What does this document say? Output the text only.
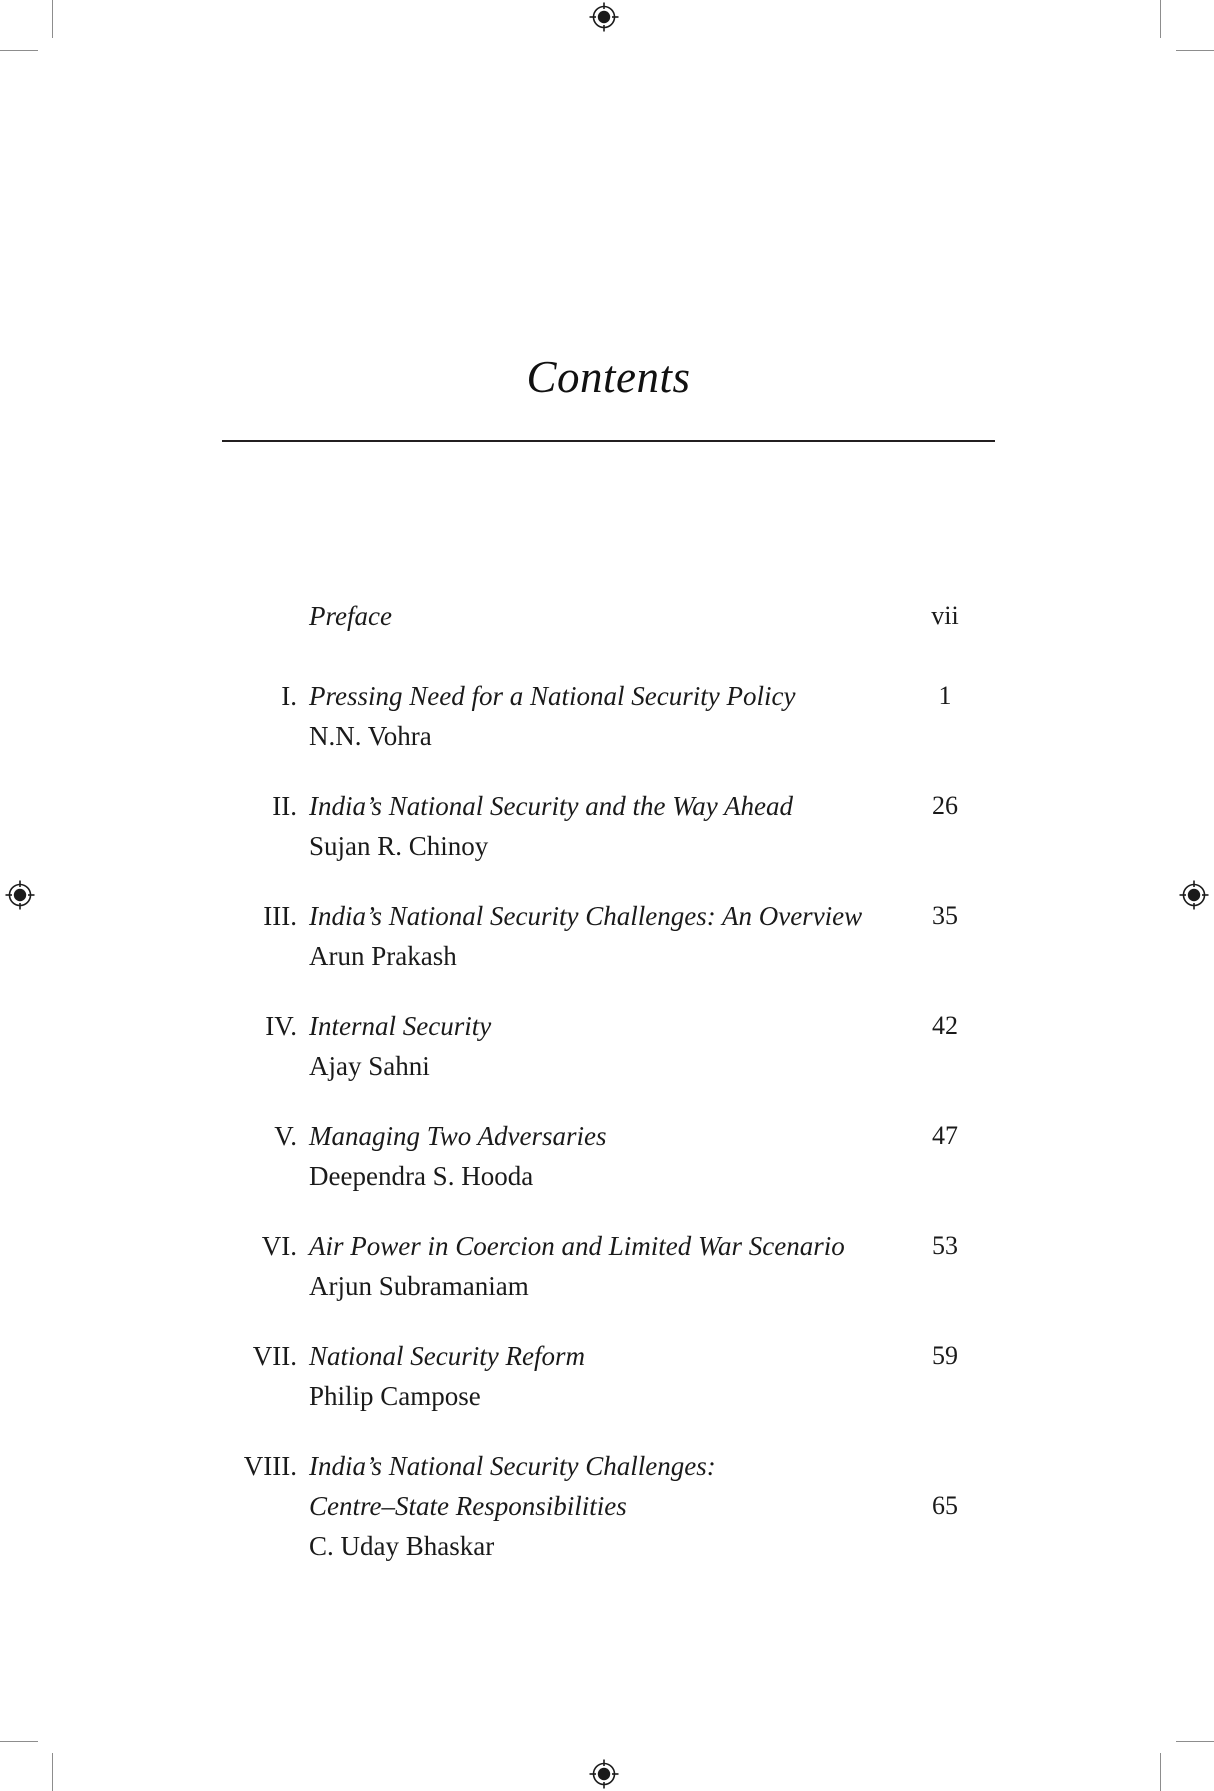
Contents
Preface	vii
I. Pressing Need for a National Security Policy
N.N. Vohra
1
II. India’s National Security and the Way Ahead
Sujan R. Chinoy
26
III. India’s National Security Challenges: An Overview
Arun Prakash
35
IV. Internal Security
Ajay Sahni
42
V. Managing Two Adversaries
Deependra S. Hooda
47
VI. Air Power in Coercion and Limited War Scenario
Arjun Subramaniam
53
VII. National Security Reform
Philip Campose
59
VIII. India’s National Security Challenges:
Centre–State Responsibilities
C. Uday Bhaskar
65
